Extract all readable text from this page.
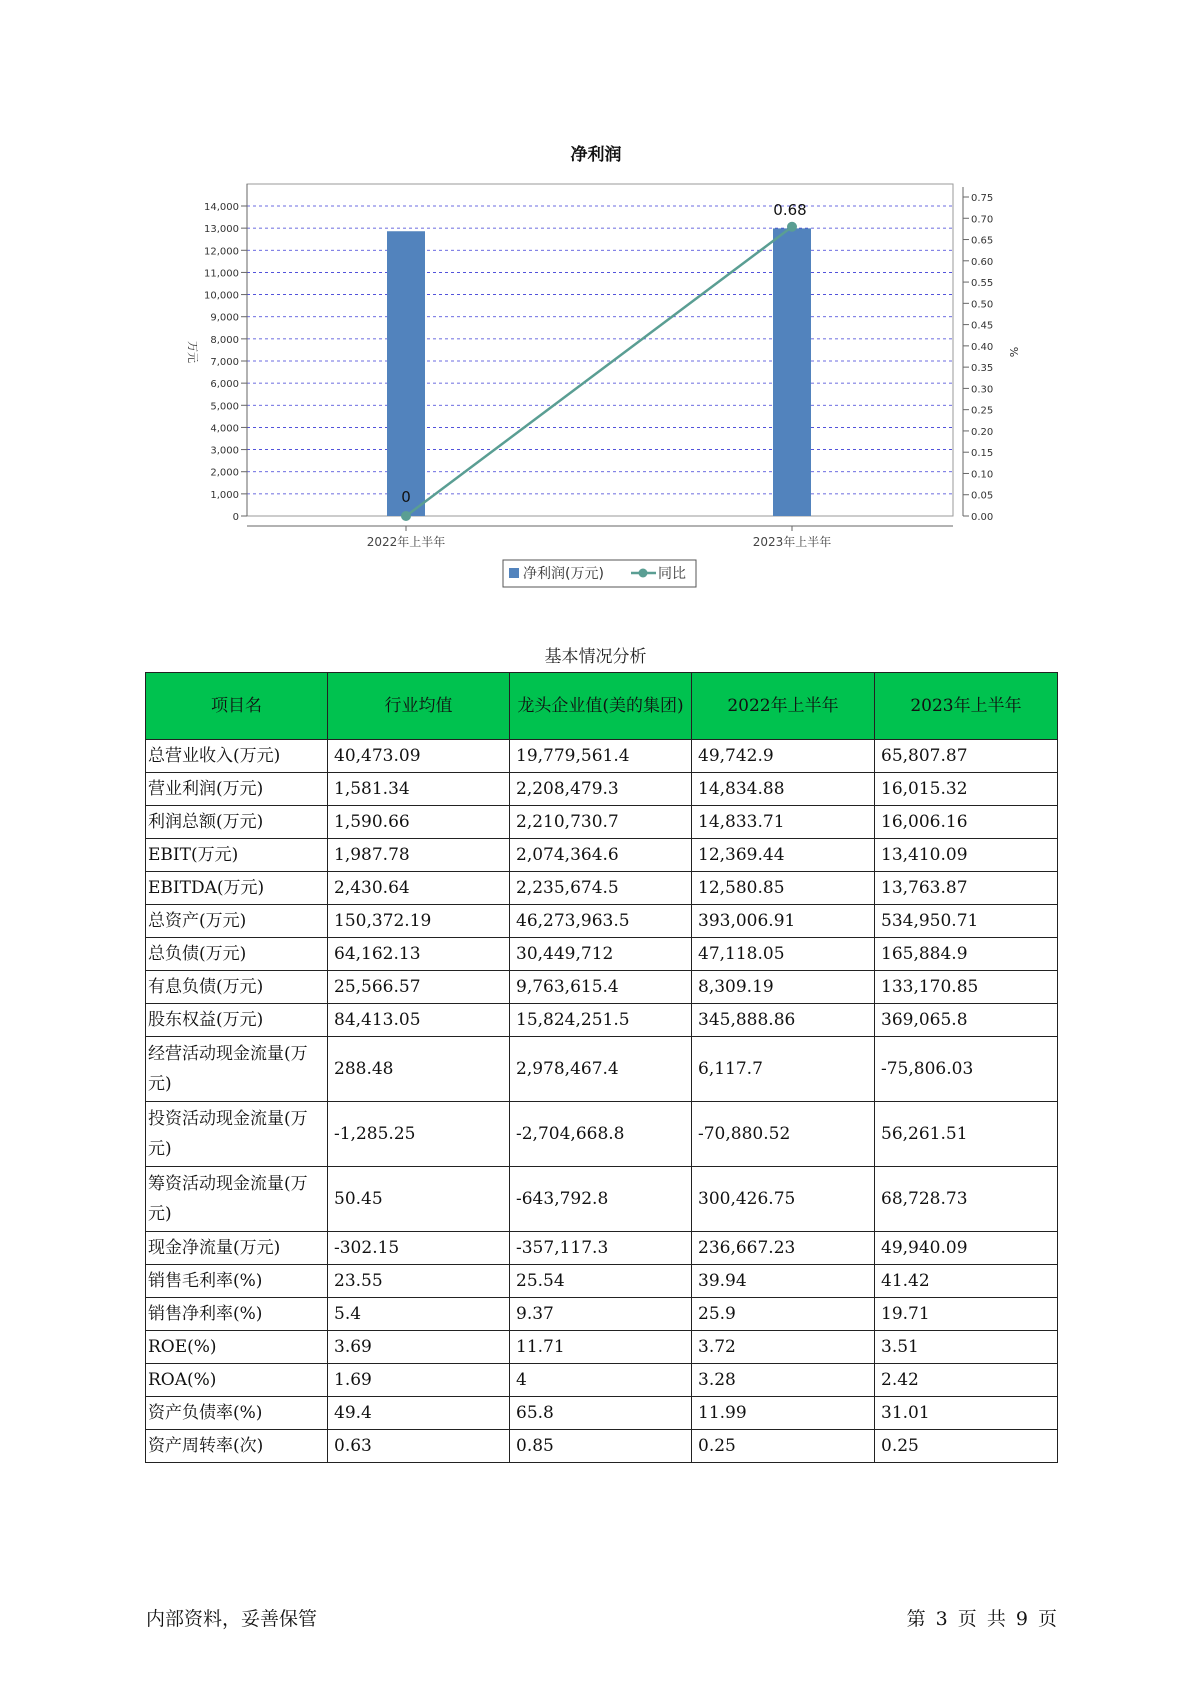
净利润
0
1,000
2,000
3,000
4,000
5,000
6,000
7,000
8,000
9,000
10,000
11,000
12,000
13,000
14,000
0.00
0.05
0.10
0.15
0.20
0.25
0.30
0.35
0.40
0.45
0.50
0.55
0.60
0.65
0.70
0.75
万元	%
2022年上半年	2023年上半年
0
0.68
净利润(万元)	同比
基本情况分析
项目名	行业均值	龙头企业值(美的集团)	2022年上半年	2023年上半年
总营业收入(万元)	40,473.09	19,779,561.4	49,742.9	65,807.87
营业利润(万元)	1,581.34	2,208,479.3	14,834.88	16,015.32
利润总额(万元)	1,590.66	2,210,730.7	14,833.71	16,006.16
EBIT(万元)	1,987.78	2,074,364.6	12,369.44	13,410.09
EBITDA(万元)	2,430.64	2,235,674.5	12,580.85	13,763.87
总资产(万元)	150,372.19	46,273,963.5	393,006.91	534,950.71
总负债(万元)	64,162.13	30,449,712	47,118.05	165,884.9
有息负债(万元)	25,566.57	9,763,615.4	8,309.19	133,170.85
股东权益(万元)	84,413.05	15,824,251.5	345,888.86	369,065.8
经营活动现金流量(万元)	288.48	2,978,467.4	6,117.7	-75,806.03
投资活动现金流量(万元)	-1,285.25	-2,704,668.8	-70,880.52	56,261.51
筹资活动现金流量(万元)	50.45	-643,792.8	300,426.75	68,728.73
现金净流量(万元)	-302.15	-357,117.3	236,667.23	49,940.09
销售毛利率(%)	23.55	25.54	39.94	41.42
销售净利率(%)	5.4	9.37	25.9	19.71
ROE(%)	3.69	11.71	3.72	3.51
ROA(%)	1.69	4	3.28	2.42
资产负债率(%)	49.4	65.8	11.99	31.01
资产周转率(次)	0.63	0.85	0.25	0.25
内部资料，妥善保管	第 3 页 共 9 页
